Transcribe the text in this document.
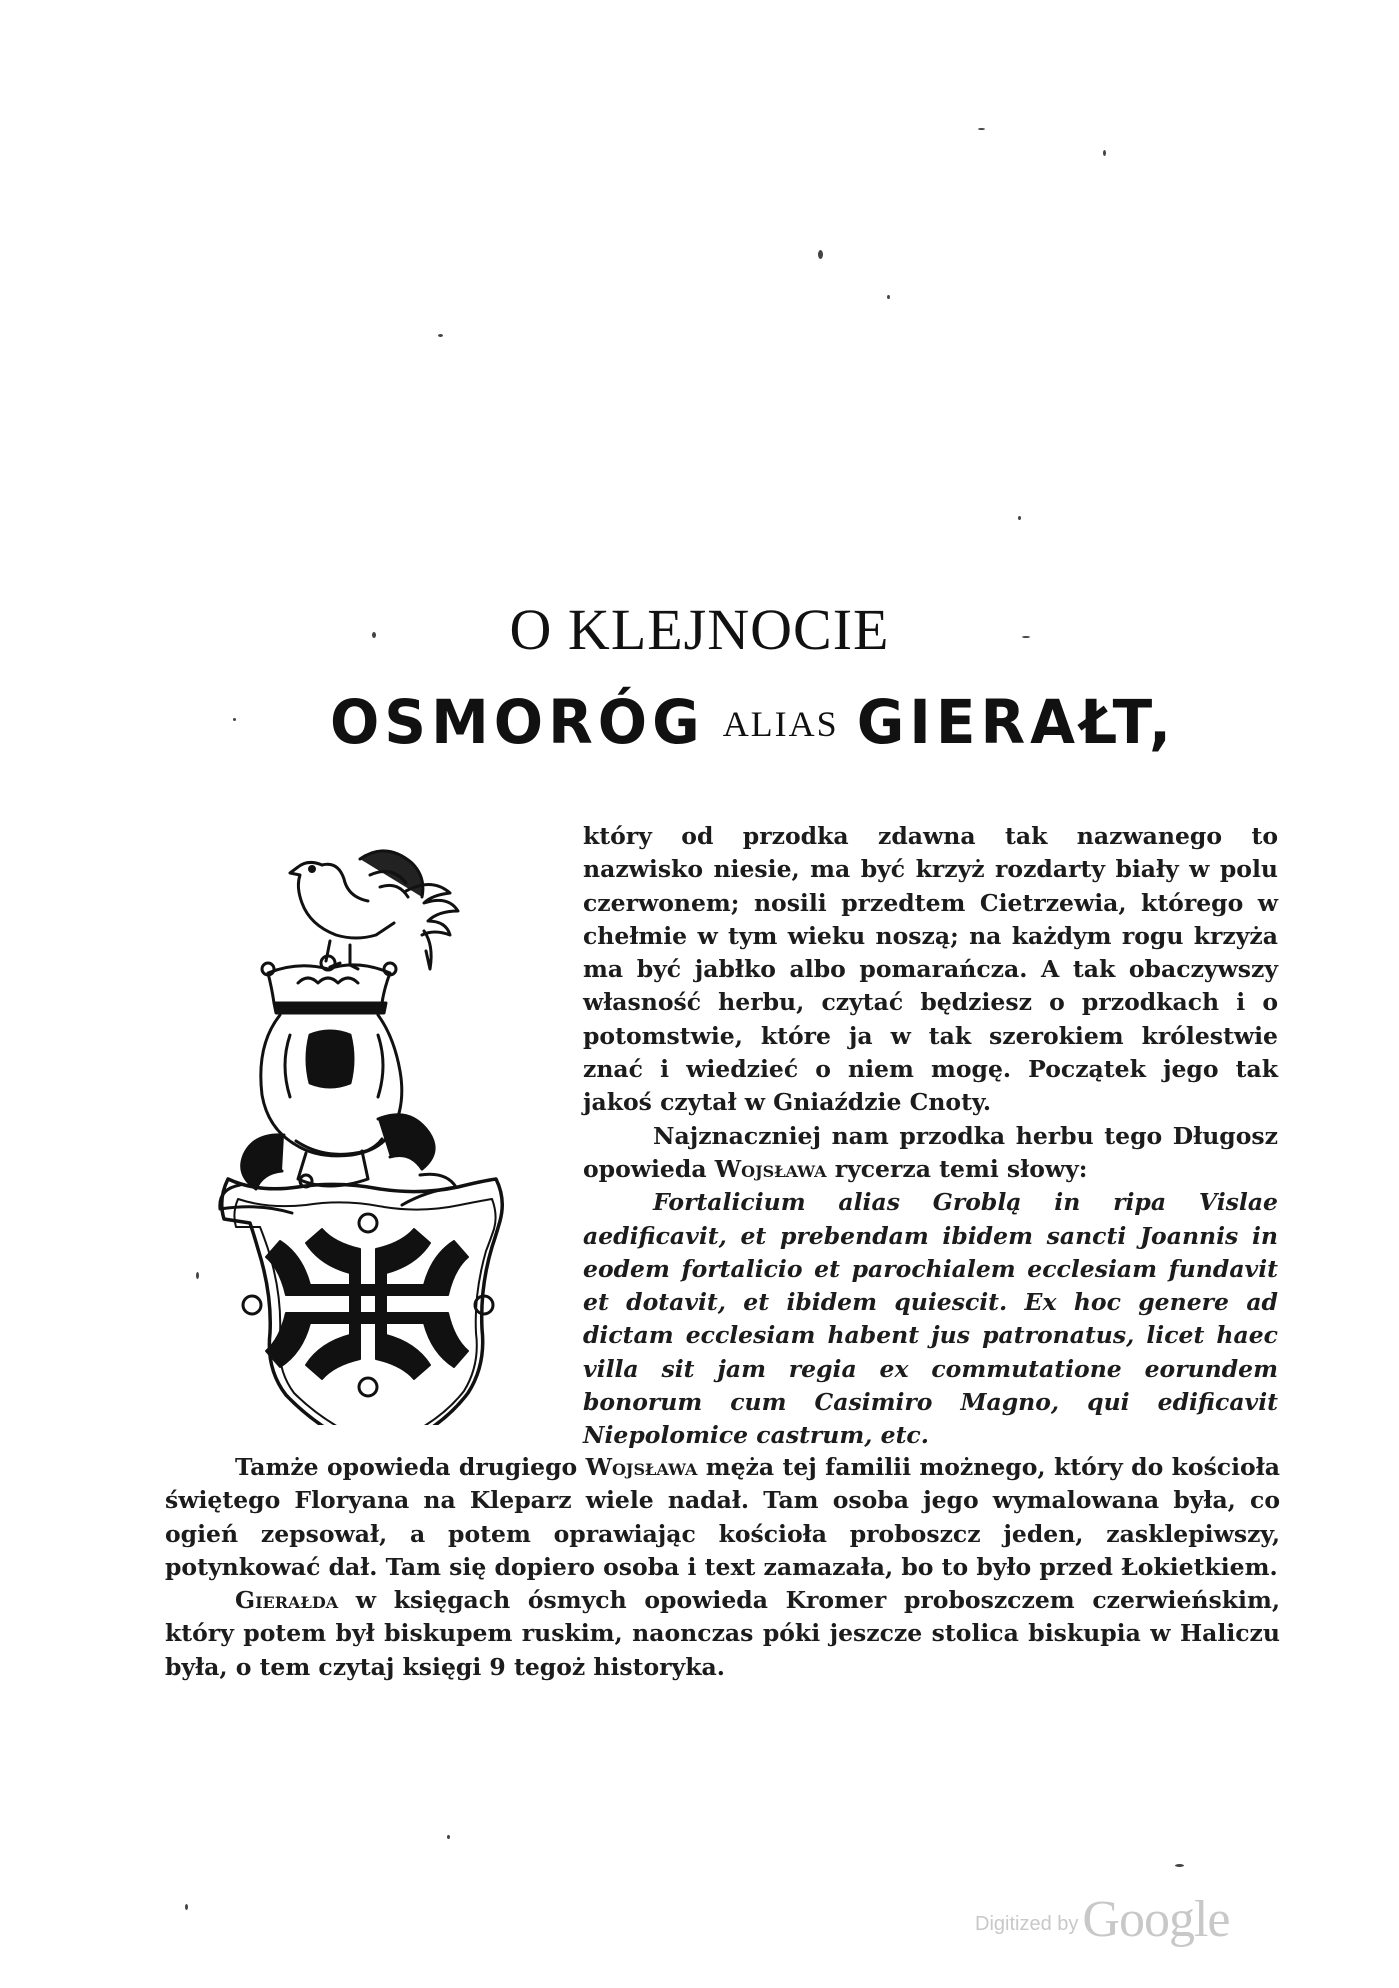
O KLEJNOCIE
OSMORÓG ALIAS GIERAŁT,

który od przodka zdawna tak nazwanego to nazwisko niesie, ma być krzyż rozdarty biały w polu czerwonem; nosili przedtem Cietrzewia, którego w chełmie w tym wieku noszą; na każdym rogu krzyża ma być jabłko albo pomarańcza. A tak obaczywszy własność herbu, czytać będziesz o przodkach i o potomstwie, które ja w tak szerokiem królestwie znać i wiedzieć o niem mogę. Początek jego tak jakoś czytał w Gniaździe Cnoty.

Najznaczniej nam przodka herbu tego Długosz opowieda Wojsława rycerza temi słowy:

Fortalicium alias Groblą in ripa Vislae aedificavit, et prebendam ibidem sancti Joannis in eodem fortalicio et parochialem ecclesiam fundavit et dotavit, et ibidem quiescit. Ex hoc genere ad dictam ecclesiam habent jus patronatus, licet haec villa sit jam regia ex commutatione eorundem bonorum cum Casimiro Magno, qui edificavit Niepolomice castrum, etc.

Tamże opowieda drugiego Wojsława męża tej familii możnego, który do kościoła świętego Floryana na Kleparz wiele nadał. Tam osoba jego wymalowana była, co ogień zepsował, a potem oprawiając kościoła proboszcz jeden, zasklepiwszy, potynkować dał. Tam się dopiero osoba i text zamazała, bo to było przed Łokietkiem.

Gierałda w księgach ósmych opowieda Kromer proboszczem czerwieńskim, który potem był biskupem ruskim, naonczas póki jeszcze stolica biskupia w Haliczu była, o tem czytaj księgi 9 tegoż historyka.

Digitized by Google
